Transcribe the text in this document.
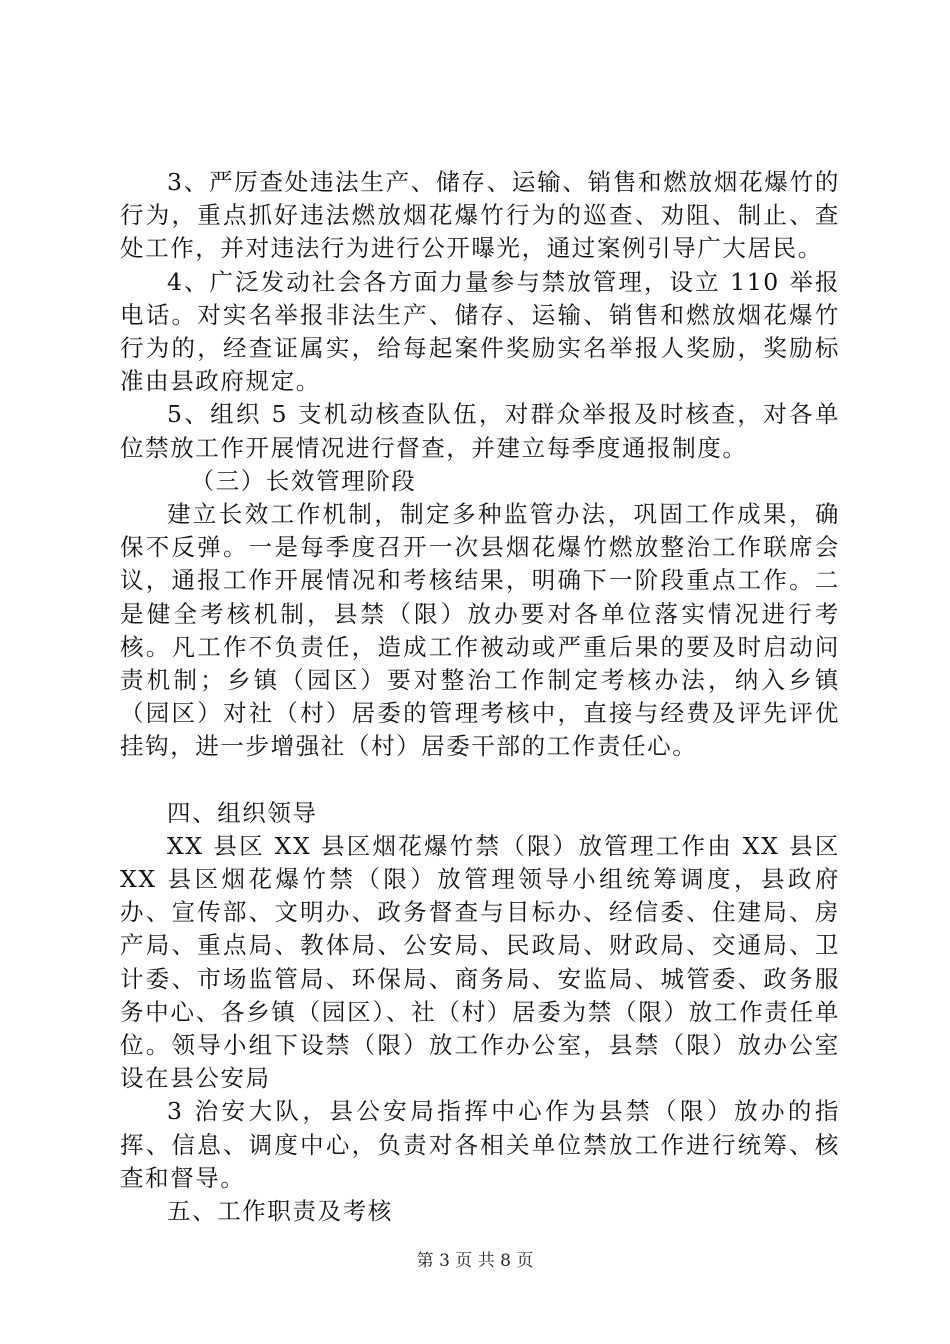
3、严厉查处违法生产、储存、运输、销售和燃放烟花爆竹的行为，重点抓好违法燃放烟花爆竹行为的巡查、劝阻、制止、查处工作，并对违法行为进行公开曝光，通过案例引导广大居民。

4、广泛发动社会各方面力量参与禁放管理，设立 110 举报电话。对实名举报非法生产、储存、运输、销售和燃放烟花爆竹行为的，经查证属实，给每起案件奖励实名举报人奖励，奖励标准由县政府规定。

5、组织 5 支机动核查队伍，对群众举报及时核查，对各单位禁放工作开展情况进行督查，并建立每季度通报制度。

（三）长效管理阶段

建立长效工作机制，制定多种监管办法，巩固工作成果，确保不反弹。一是每季度召开一次县烟花爆竹燃放整治工作联席会议，通报工作开展情况和考核结果，明确下一阶段重点工作。二是健全考核机制，县禁（限）放办要对各单位落实情况进行考核。凡工作不负责任，造成工作被动或严重后果的要及时启动问责机制；乡镇（园区）要对整治工作制定考核办法，纳入乡镇（园区）对社（村）居委的管理考核中，直接与经费及评先评优挂钩，进一步增强社（村）居委干部的工作责任心。

四、组织领导

XX 县区 XX 县区烟花爆竹禁（限）放管理工作由 XX 县区 XX 县区烟花爆竹禁（限）放管理领导小组统筹调度，县政府办、宣传部、文明办、政务督查与目标办、经信委、住建局、房产局、重点局、教体局、公安局、民政局、财政局、交通局、卫计委、市场监管局、环保局、商务局、安监局、城管委、政务服务中心、各乡镇（园区）、社（村）居委为禁（限）放工作责任单位。领导小组下设禁（限）放工作办公室，县禁（限）放办公室设在县公安局

3 治安大队，县公安局指挥中心作为县禁（限）放办的指挥、信息、调度中心，负责对各相关单位禁放工作进行统筹、核查和督导。

五、工作职责及考核

第 3 页 共 8 页
